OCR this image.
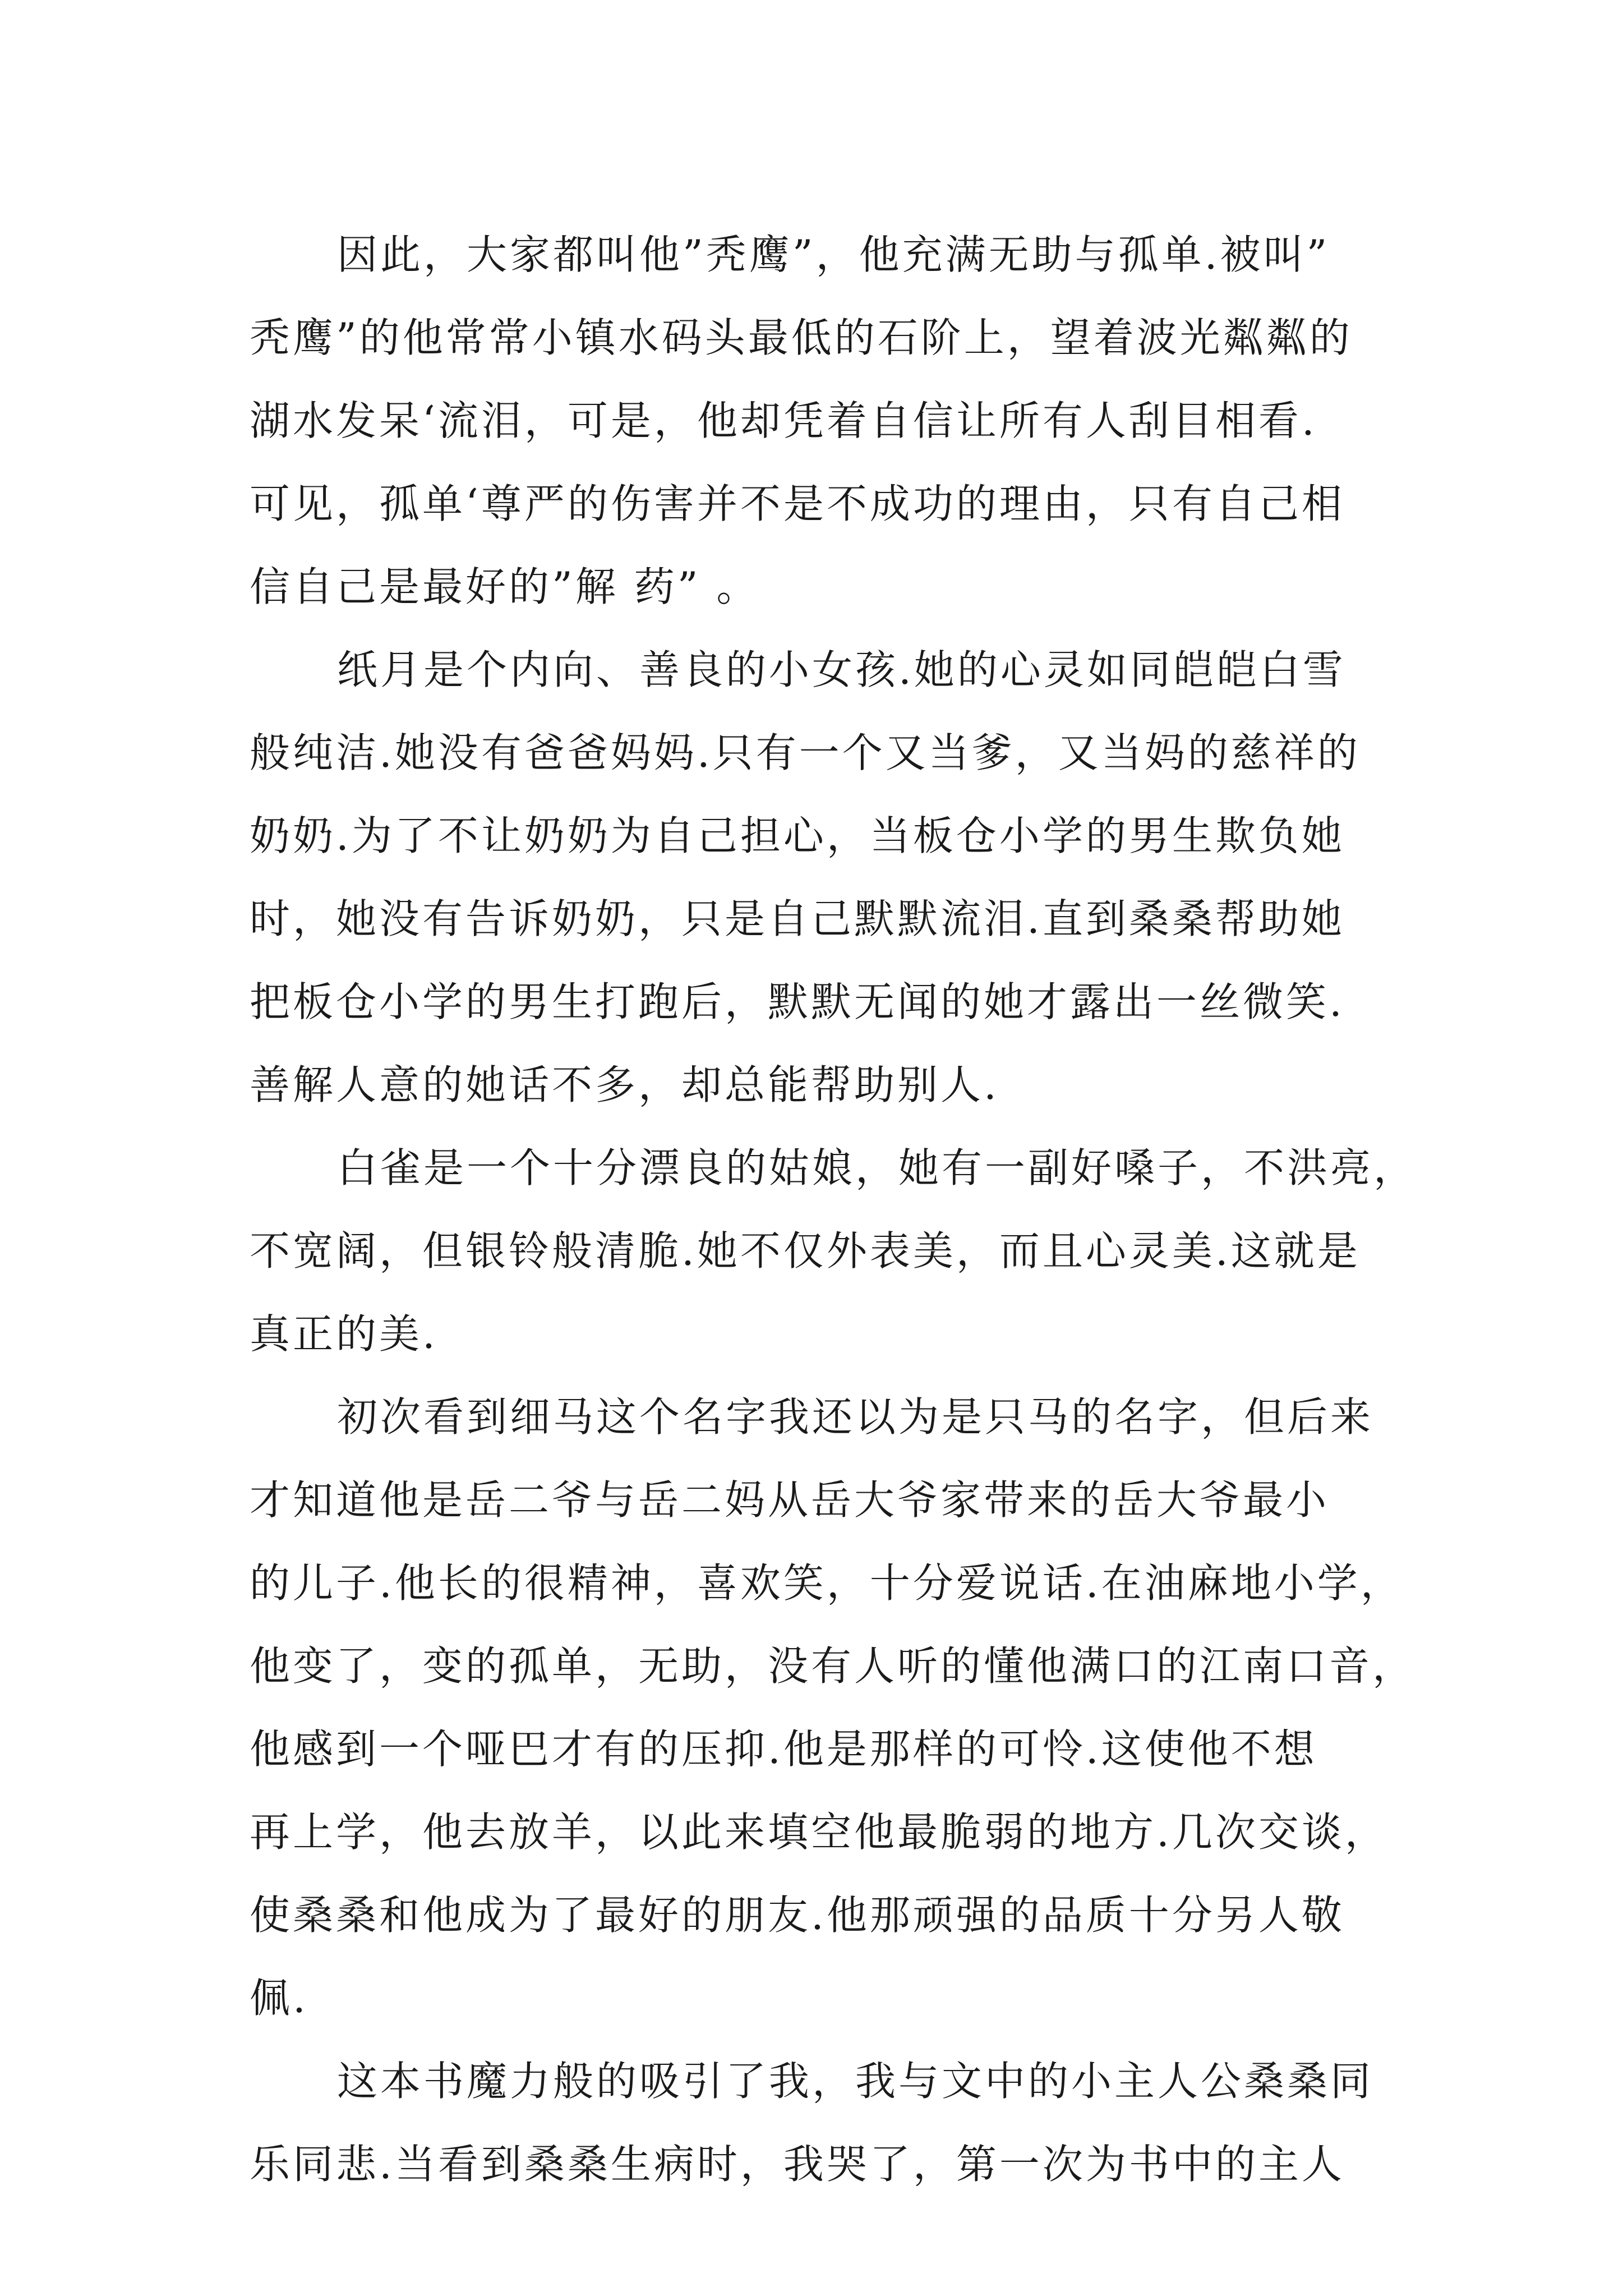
因此，大家都叫他”秃鹰”，他充满无助与孤单.被叫”
秃鹰”的他常常小镇水码头最低的石阶上，望着波光粼粼的
湖水发呆‘流泪，可是，他却凭着自信让所有人刮目相看.
可见，孤单‘尊严的伤害并不是不成功的理由，只有自己相
信自己是最好的”解 药” 。
纸月是个内向、善良的小女孩.她的心灵如同皑皑白雪
般纯洁.她没有爸爸妈妈.只有一个又当爹，又当妈的慈祥的
奶奶.为了不让奶奶为自己担心，当板仓小学的男生欺负她
时，她没有告诉奶奶，只是自己默默流泪.直到桑桑帮助她
把板仓小学的男生打跑后，默默无闻的她才露出一丝微笑.
善解人意的她话不多，却总能帮助别人.
白雀是一个十分漂良的姑娘，她有一副好嗓子，不洪亮，
不宽阔，但银铃般清脆.她不仅外表美，而且心灵美.这就是
真正的美.
初次看到细马这个名字我还以为是只马的名字，但后来
才知道他是岳二爷与岳二妈从岳大爷家带来的岳大爷最小
的儿子.他长的很精神，喜欢笑，十分爱说话.在油麻地小学，
他变了，变的孤单，无助，没有人听的懂他满口的江南口音，
他感到一个哑巴才有的压抑.他是那样的可怜.这使他不想
再上学，他去放羊，以此来填空他最脆弱的地方.几次交谈，
使桑桑和他成为了最好的朋友.他那顽强的品质十分另人敬
佩.
这本书魔力般的吸引了我，我与文中的小主人公桑桑同
乐同悲.当看到桑桑生病时，我哭了，第一次为书中的主人
